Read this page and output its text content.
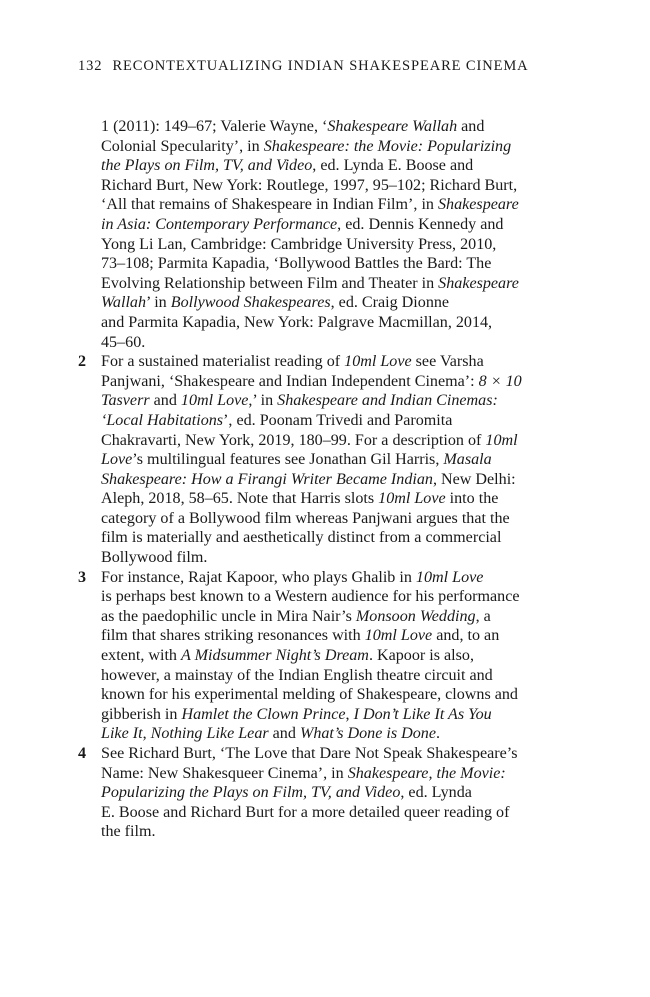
132 RECONTEXTUALIZING INDIAN SHAKESPEARE CINEMA
1 (2011): 149–67; Valerie Wayne, ‘Shakespeare Wallah and
Colonial Specularity’, in Shakespeare: the Movie: Popularizing
the Plays on Film, TV, and Video, ed. Lynda E. Boose and
Richard Burt, New York: Routlege, 1997, 95–102; Richard Burt,
‘All that remains of Shakespeare in Indian Film’, in Shakespeare
in Asia: Contemporary Performance, ed. Dennis Kennedy and
Yong Li Lan, Cambridge: Cambridge University Press, 2010,
73–108; Parmita Kapadia, ‘Bollywood Battles the Bard: The
Evolving Relationship between Film and Theater in Shakespeare
Wallah’ in Bollywood Shakespeares, ed. Craig Dionne
and Parmita Kapadia, New York: Palgrave Macmillan, 2014,
45–60.
2 For a sustained materialist reading of 10ml Love see Varsha
Panjwani, ‘Shakespeare and Indian Independent Cinema’: 8 × 10
Tasverr and 10ml Love,’ in Shakespeare and Indian Cinemas:
‘Local Habitations’, ed. Poonam Trivedi and Paromita
Chakravarti, New York, 2019, 180–99. For a description of 10ml
Love’s multilingual features see Jonathan Gil Harris, Masala
Shakespeare: How a Firangi Writer Became Indian, New Delhi:
Aleph, 2018, 58–65. Note that Harris slots 10ml Love into the
category of a Bollywood film whereas Panjwani argues that the
film is materially and aesthetically distinct from a commercial
Bollywood film.
3 For instance, Rajat Kapoor, who plays Ghalib in 10ml Love
is perhaps best known to a Western audience for his performance
as the paedophilic uncle in Mira Nair’s Monsoon Wedding, a
film that shares striking resonances with 10ml Love and, to an
extent, with A Midsummer Night’s Dream. Kapoor is also,
however, a mainstay of the Indian English theatre circuit and
known for his experimental melding of Shakespeare, clowns and
gibberish in Hamlet the Clown Prince, I Don’t Like It As You
Like It, Nothing Like Lear and What’s Done is Done.
4 See Richard Burt, ‘The Love that Dare Not Speak Shakespeare’s
Name: New Shakesqueer Cinema’, in Shakespeare, the Movie:
Popularizing the Plays on Film, TV, and Video, ed. Lynda
E. Boose and Richard Burt for a more detailed queer reading of
the film.
